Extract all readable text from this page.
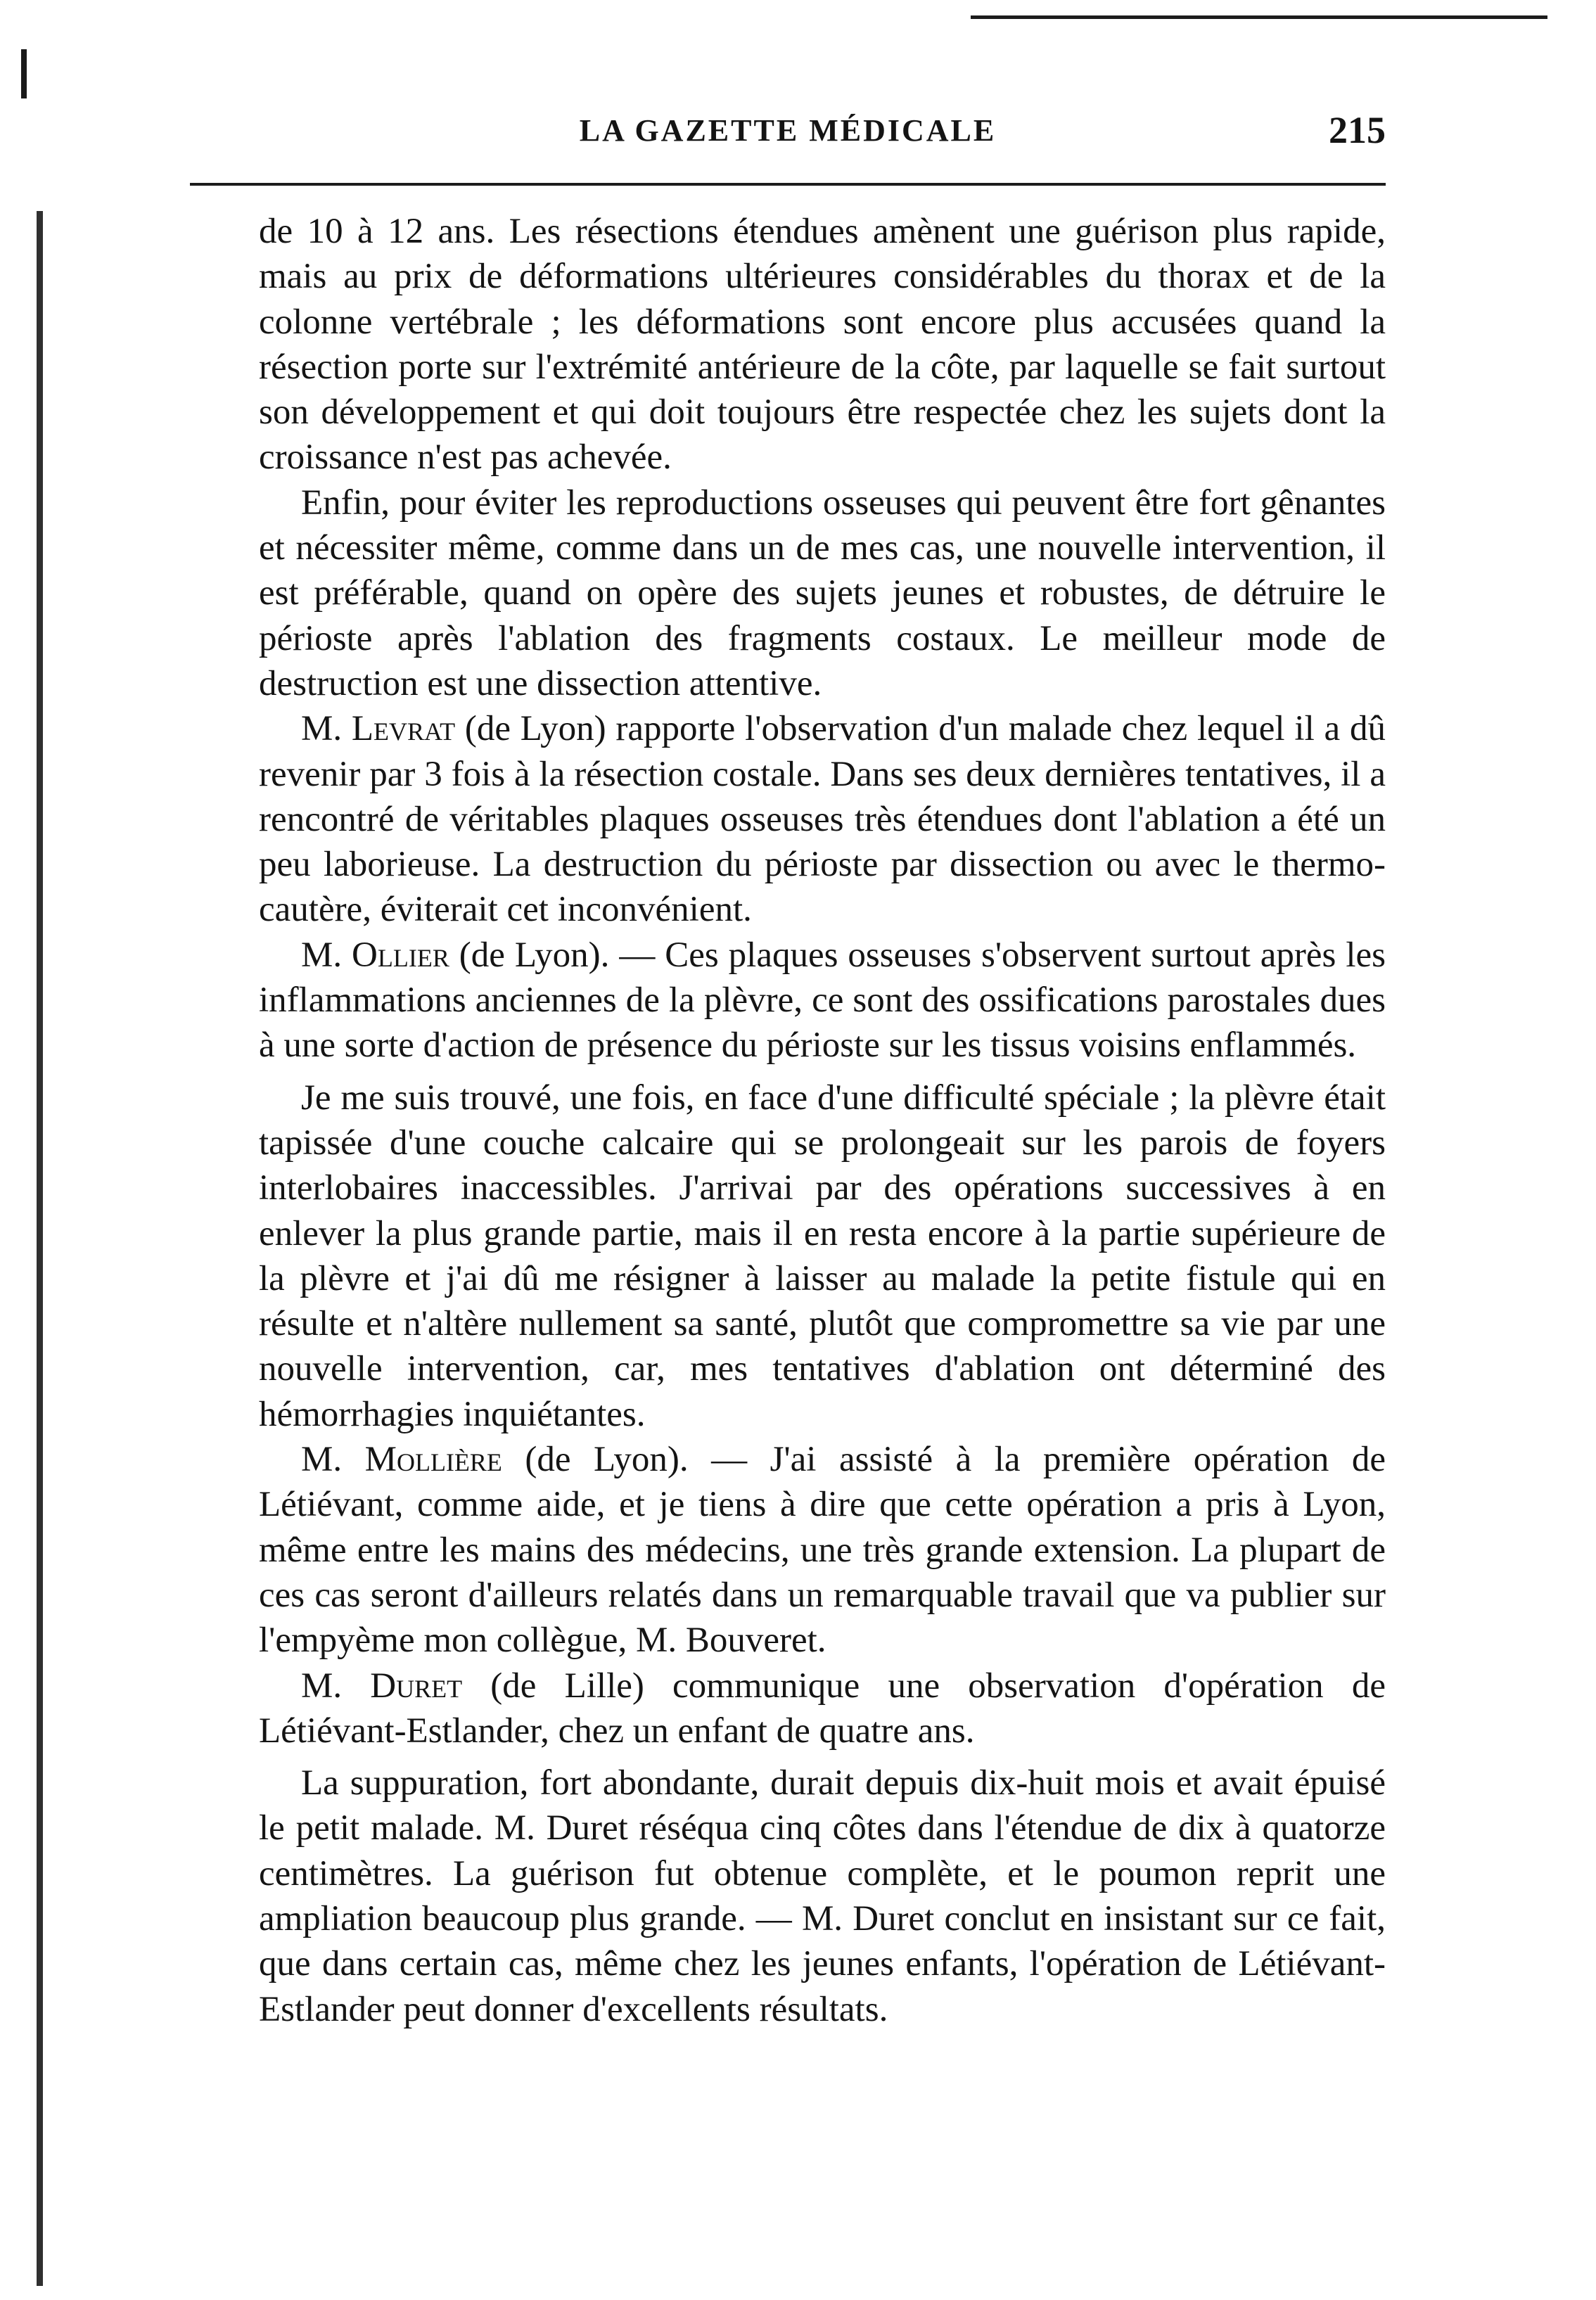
LA GAZETTE MÉDICALE	215

de 10 à 12 ans. Les résections étendues amènent une guérison plus rapide, mais au prix de déformations ultérieures considérables du thorax et de la colonne vertébrale ; les déformations sont encore plus accusées quand la résection porte sur l'extrémité antérieure de la côte, par laquelle se fait surtout son développement et qui doit toujours être respectée chez les sujets dont la croissance n'est pas achevée.

Enfin, pour éviter les reproductions osseuses qui peuvent être fort gênantes et nécessiter même, comme dans un de mes cas, une nouvelle intervention, il est préférable, quand on opère des sujets jeunes et robustes, de détruire le périoste après l'ablation des fragments costaux. Le meilleur mode de destruction est une dissection attentive.

M. Levrat (de Lyon) rapporte l'observation d'un malade chez lequel il a dû revenir par 3 fois à la résection costale. Dans ses deux dernières tentatives, il a rencontré de véritables plaques osseuses très étendues dont l'ablation a été un peu laborieuse. La destruction du périoste par dissection ou avec le thermo-cautère, éviterait cet inconvénient.

M. Ollier (de Lyon). — Ces plaques osseuses s'observent surtout après les inflammations anciennes de la plèvre, ce sont des ossifications parostales dues à une sorte d'action de présence du périoste sur les tissus voisins enflammés.

Je me suis trouvé, une fois, en face d'une difficulté spéciale ; la plèvre était tapissée d'une couche calcaire qui se prolongeait sur les parois de foyers interlobaires inaccessibles. J'arrivai par des opérations successives à en enlever la plus grande partie, mais il en resta encore à la partie supérieure de la plèvre et j'ai dû me résigner à laisser au malade la petite fistule qui en résulte et n'altère nullement sa santé, plutôt que compromettre sa vie par une nouvelle intervention, car, mes tentatives d'ablation ont déterminé des hémorrhagies inquiétantes.

M. Mollière (de Lyon). — J'ai assisté à la première opération de Létiévant, comme aide, et je tiens à dire que cette opération a pris à Lyon, même entre les mains des médecins, une très grande extension. La plupart de ces cas seront d'ailleurs relatés dans un remarquable travail que va publier sur l'empyème mon collègue, M. Bouveret.

M. Duret (de Lille) communique une observation d'opération de Létiévant-Estlander, chez un enfant de quatre ans.

La suppuration, fort abondante, durait depuis dix-huit mois et avait épuisé le petit malade. M. Duret réséqua cinq côtes dans l'étendue de dix à quatorze centimètres. La guérison fut obtenue complète, et le poumon reprit une ampliation beaucoup plus grande. — M. Duret conclut en insistant sur ce fait, que dans certain cas, même chez les jeunes enfants, l'opération de Létiévant-Estlander peut donner d'excellents résultats.
